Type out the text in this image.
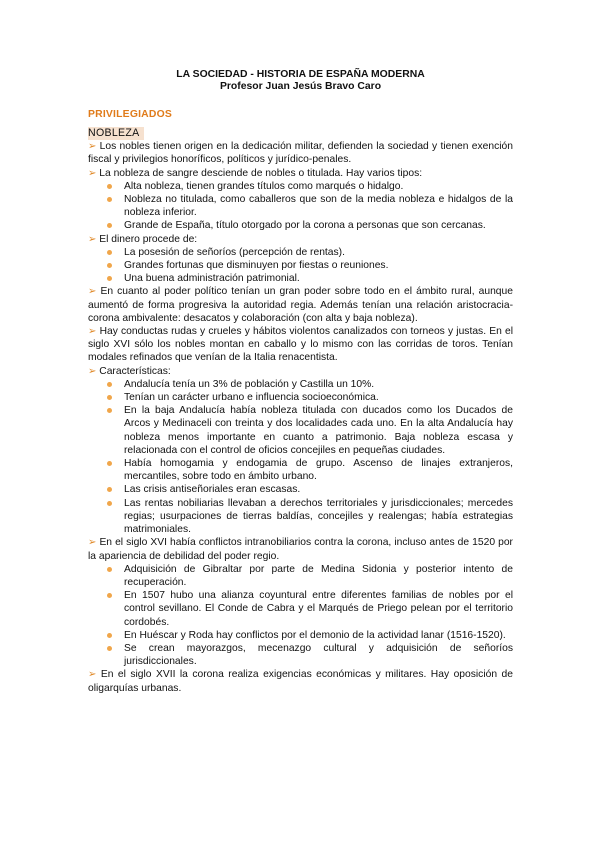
LA SOCIEDAD - HISTORIA DE ESPAÑA MODERNA

Profesor Juan Jesús Bravo Caro

PRIVILEGIADOS
NOBLEZA

➢ Los nobles tienen origen en la dedicación militar, defienden la sociedad y tienen exención fiscal y privilegios honoríficos, políticos y jurídico-penales.

➢ La nobleza de sangre desciende de nobles o titulada. Hay varios tipos:

Alta nobleza, tienen grandes títulos como marqués o hidalgo.
Nobleza no titulada, como caballeros que son de la media nobleza e hidalgos de la nobleza inferior.
Grande de España, título otorgado por la corona a personas que son cercanas.

➢ El dinero procede de:

La posesión de señoríos (percepción de rentas).
Grandes fortunas que disminuyen por fiestas o reuniones.
Una buena administración patrimonial.

➢ En cuanto al poder político tenían un gran poder sobre todo en el ámbito rural, aunque aumentó de forma progresiva la autoridad regia. Además tenían una relación aristocracia-corona ambivalente: desacatos y colaboración (con alta y baja nobleza).

➢ Hay conductas rudas y crueles y hábitos violentos canalizados con torneos y justas. En el siglo XVI sólo los nobles montan en caballo y lo mismo con las corridas de toros. Tenían modales refinados que venían de la Italia renacentista.

➢ Características:

Andalucía tenía un 3% de población y Castilla un 10%.
Tenían un carácter urbano e influencia socioeconómica.
En la baja Andalucía había nobleza titulada con ducados como los Ducados de Arcos y Medinaceli con treinta y dos localidades cada uno. En la alta Andalucía hay nobleza menos importante en cuanto a patrimonio. Baja nobleza escasa y relacionada con el control de oficios concejiles en pequeñas ciudades.
Había homogamia y endogamia de grupo. Ascenso de linajes extranjeros, mercantiles, sobre todo en ámbito urbano.
Las crisis antiseñoriales eran escasas.
Las rentas nobiliarias llevaban a derechos territoriales y jurisdiccionales; mercedes regias; usurpaciones de tierras baldías, concejiles y realengas; había estrategias matrimoniales.

➢ En el siglo XVI había conflictos intranobiliarios contra la corona, incluso antes de 1520 por la apariencia de debilidad del poder regio.

Adquisición de Gibraltar por parte de Medina Sidonia y posterior intento de recuperación.
En 1507 hubo una alianza coyuntural entre diferentes familias de nobles por el control sevillano. El Conde de Cabra y el Marqués de Priego pelean por el territorio cordobés.
En Huéscar y Roda hay conflictos por el demonio de la actividad lanar (1516-1520).
Se crean mayorazgos, mecenazgo cultural y adquisición de señoríos jurisdiccionales.

➢ En el siglo XVII la corona realiza exigencias económicas y militares. Hay oposición de oligarquías urbanas.
